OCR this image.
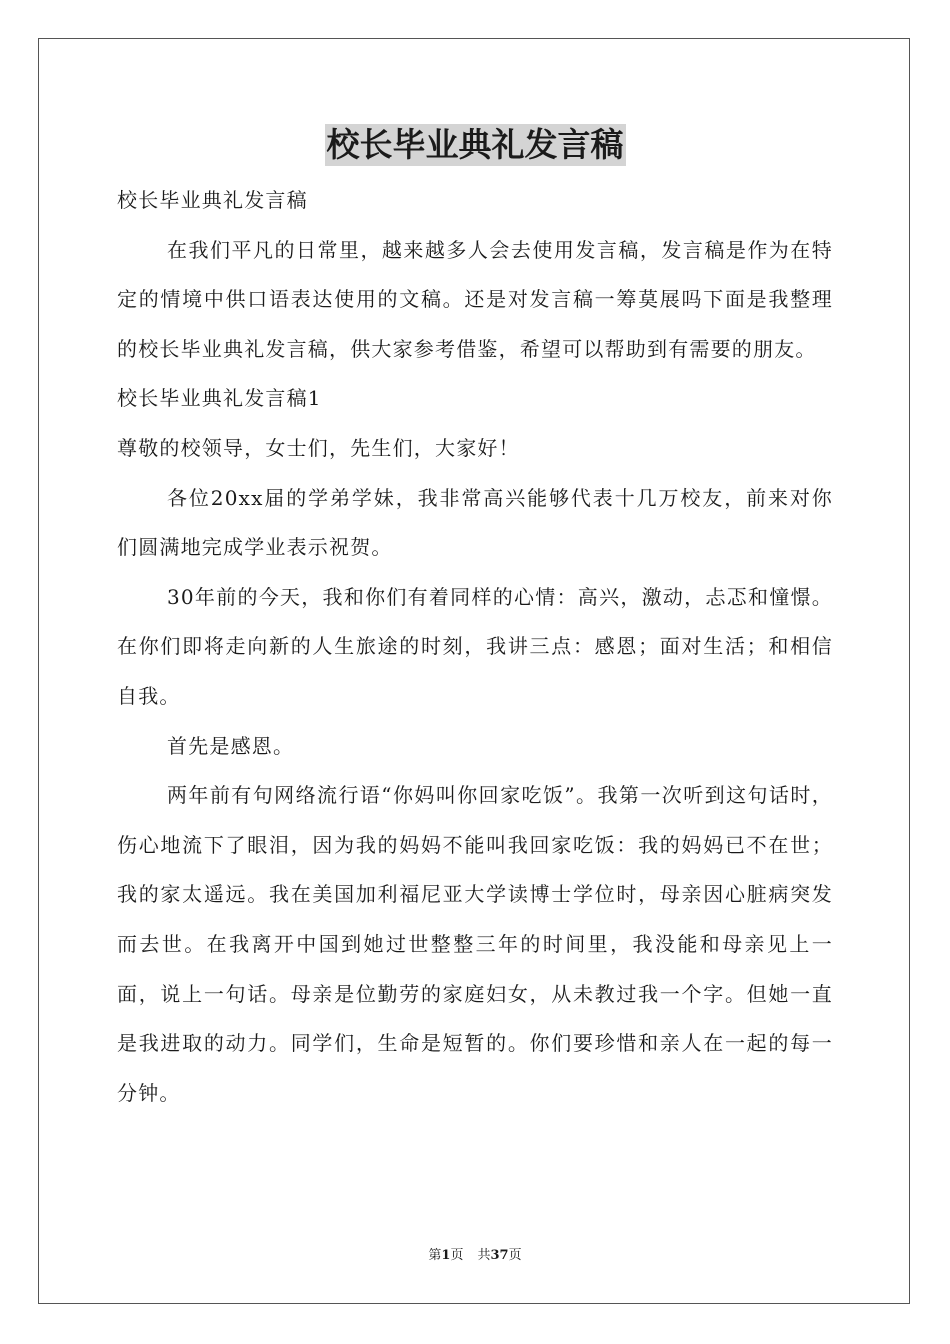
校长毕业典礼发言稿

校长毕业典礼发言稿

在我们平凡的日常里，越来越多人会去使用发言稿，发言稿是作为在特定的情境中供口语表达使用的文稿。还是对发言稿一筹莫展吗下面是我整理的校长毕业典礼发言稿，供大家参考借鉴，希望可以帮助到有需要的朋友。

校长毕业典礼发言稿1

尊敬的校领导，女士们，先生们，大家好！

各位20xx届的学弟学妹，我非常高兴能够代表十几万校友，前来对你们圆满地完成学业表示祝贺。

30年前的今天，我和你们有着同样的心情：高兴，激动，忐忑和憧憬。在你们即将走向新的人生旅途的时刻，我讲三点：感恩；面对生活；和相信自我。

首先是感恩。

两年前有句网络流行语“你妈叫你回家吃饭”。我第一次听到这句话时，伤心地流下了眼泪，因为我的妈妈不能叫我回家吃饭：我的妈妈已不在世；我的家太遥远。我在美国加利福尼亚大学读博士学位时，母亲因心脏病突发而去世。在我离开中国到她过世整整三年的时间里，我没能和母亲见上一面，说上一句话。母亲是位勤劳的家庭妇女，从未教过我一个字。但她一直是我进取的动力。同学们，生命是短暂的。你们要珍惜和亲人在一起的每一分钟。

第1页 共37页
